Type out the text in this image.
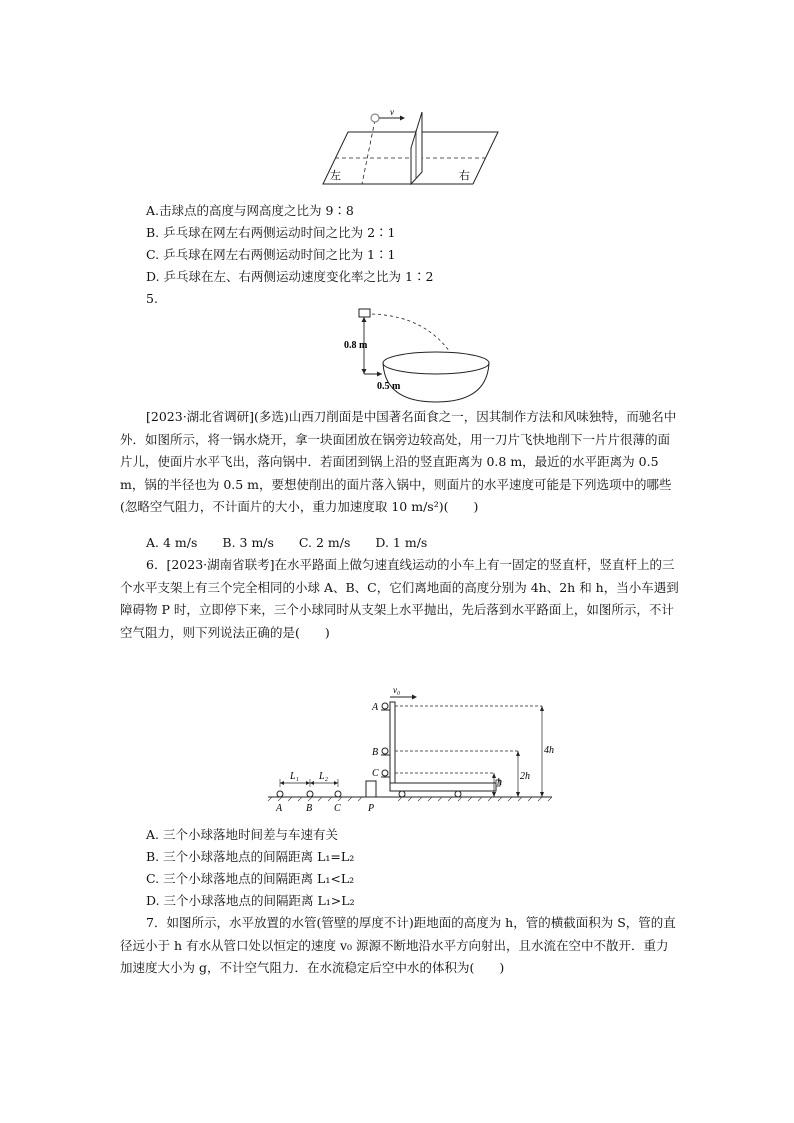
v
左	右
A.击球点的高度与网高度之比为 9∶8
B. 乒乓球在网左右两侧运动时间之比为 2∶1
C. 乒乓球在网左右两侧运动时间之比为 1∶1
D. 乒乓球在左、右两侧运动速度变化率之比为 1∶2
5.
0.8 m
0.5 m
[2023·湖北省调研](多选)山西刀削面是中国著名面食之一，因其制作方法和风味独特，而驰名中外．如图所示，将一锅水烧开，拿一块面团放在锅旁边较高处，用一刀片飞快地削下一片片很薄的面片儿，使面片水平飞出，落向锅中．若面团到锅上沿的竖直距离为 0.8 m，最近的水平距离为 0.5 m，锅的半径也为 0.5 m，要想使削出的面片落入锅中，则面片的水平速度可能是下列选项中的哪些(忽略空气阻力，不计面片的大小，重力加速度取 10 m/s²)(　　)
A. 4 m/s　　B. 3 m/s　　C. 2 m/s　　D. 1 m/s
6．[2023·湖南省联考]在水平路面上做匀速直线运动的小车上有一固定的竖直杆，竖直杆上的三个水平支架上有三个完全相同的小球 A、B、C，它们离地面的高度分别为 4h、2h 和 h，当小车遇到障碍物 P 时，立即停下来，三个小球同时从支架上水平抛出，先后落到水平路面上，如图所示，不计空气阻力，则下列说法正确的是(　　)
L₁ L₂
A B C	P
A
B
C
v₀
h
2h
4h
A. 三个小球落地时间差与车速有关
B. 三个小球落地点的间隔距离 L₁=L₂
C. 三个小球落地点的间隔距离 L₁<L₂
D. 三个小球落地点的间隔距离 L₁>L₂
7．如图所示，水平放置的水管(管壁的厚度不计)距地面的高度为 h，管的横截面积为 S，管的直径远小于 h 有水从管口处以恒定的速度 v₀ 源源不断地沿水平方向射出，且水流在空中不散开．重力加速度大小为 g，不计空气阻力．在水流稳定后空中水的体积为(　　)
